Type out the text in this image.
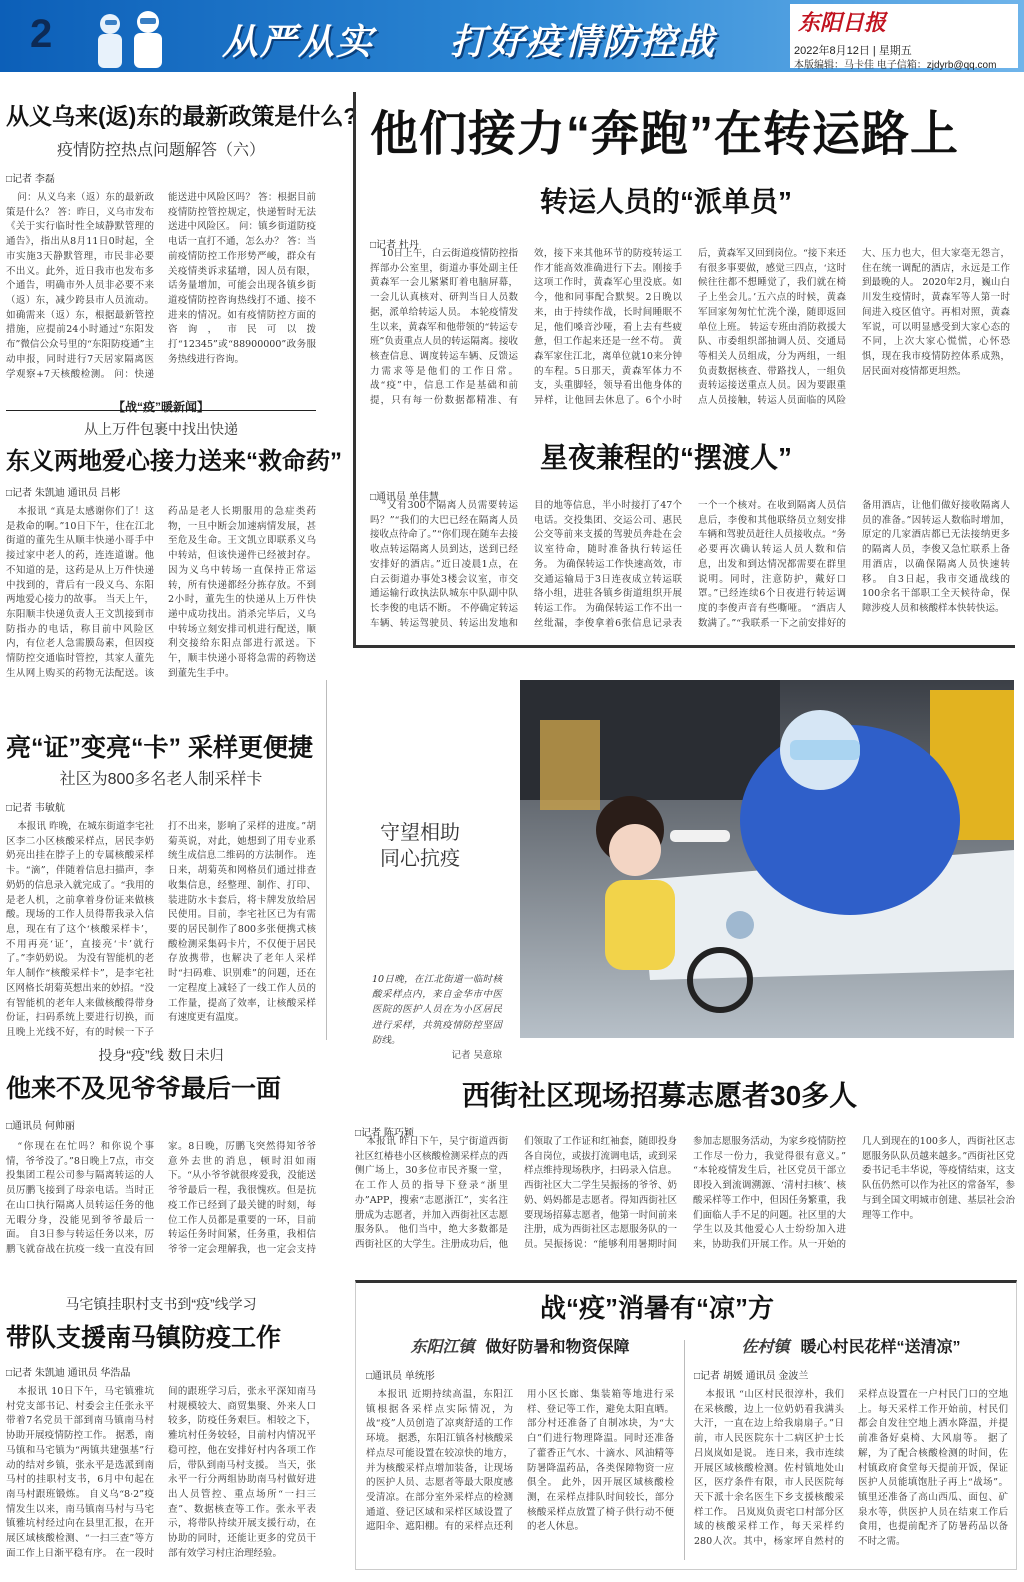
2	从严从实 打好疫情防控战	东阳日报
2022年8月12日 | 星期五
本版编辑：马卡佳 电子信箱：zjdyrb@qq.com
从义乌来(返)东的最新政策是什么?
疫情防控热点问题解答（六）
□记者 李磊
问：从义乌来（返）东的最新政策是什么？ 答：昨日，义乌市发布《关于实行临时性全域静默管理的通告》，指出从8月11日0时起，全市实施3天静默管理，市民非必要不出义。此外，近日我市也发布多个通告，明确市外人员非必要不来（返）东，减少跨县市人员流动。如确需来（返）东，根据最新管控措施，应提前24小时通过“东阳发布”微信公众号里的“东阳防疫通”主动申报，同时进行7天居家隔离医学观察+7天核酸检测。 问：快递能送进中风险区吗？ 答：根据目前疫情防控管控规定，快递暂时无法送进中风险区。 问：镇乡街道防疫电话一直打不通，怎么办？ 答：当前疫情防控工作形势严峻，群众有关疫情类诉求猛增，因人员有限，话务量增加，可能会出现各镇乡街道疫情防控咨询热线打不通、接不进来的情况。如有疫情防控方面的咨询，市民可以拨打“12345”或“88900000”政务服务热线进行咨询。
【战“疫”暖新闻】
从上万件包裹中找出快递
东义两地爱心接力送来“救命药”
□记者 朱凯迪 通讯员 吕彬
本报讯 “真是太感谢你们了！这是救命的啊。”10日下午，住在江北街道的董先生从顺丰快递小哥手中接过家中老人的药，连连道谢。他不知道的是，这药是从上万件快递中找到的，背后有一段义乌、东阳两地爱心接力的故事。 当天上午，东阳顺丰快递负责人王文凯接到市防指办的电话，称目前中风险区内，有位老人急需膜岛素，但因疫情防控交通临时管控，其家人董先生从网上购买的药物无法配送。该药品是老人长期服用的急症类药物，一旦中断会加速病情发展，甚至危及生命。王文凯立即联系义乌中转站，但该快递件已经被封存。因为义乌中转场一直保持正常运转，所有快递都经分拣存放。不到2小时，董先生的快递从上万件快递中成功找出。消杀完毕后，义乌中转场立刻安排司机进行配送，顺利交接给东阳点部进行派送。下午，顺丰快递小哥将急需的药物送到董先生手中。
亮“证”变亮“卡” 采样更便捷
社区为800多名老人制采样卡
□记者 韦敏航
本报讯 昨晚，在城东街道李宅社区李二小区核酸采样点，居民李奶奶亮出挂在脖子上的专属核酸采样卡。“滴”，伴随着信息扫描声，李奶奶的信息录入就完成了。“我用的是老人机，之前拿着身份证来做核酸。现场的工作人员得帮我录入信息，现在有了这个‘核酸采样卡’，不用再亮‘证’，直接亮‘卡’就行了。”李奶奶说。 为没有智能机的老年人制作“核酸采样卡”，是李宅社区网格长胡菊英想出来的妙招。“没有智能机的老年人来做核酸得带身份证，扫码系统上要进行切换，而且晚上光线不好，有的时候一下子打不出来，影响了采样的进度。”胡菊英说，对此，她想到了用专业系统生成信息二维码的方法制作。 连日来，胡菊英和网格员们通过排查收集信息，经整理、制作、打印、装进防水卡套后，将卡牌发放给居民使用。目前，李宅社区已为有需要的居民制作了800多张便携式核酸检测采集码卡片，不仅便于居民存放携带，也解决了老年人采样时“扫码难、识别难”的问题，还在一定程度上减轻了一线工作人员的工作量，提高了效率，让核酸采样有速度更有温度。
投身“疫”线 数日未归
他来不及见爷爷最后一面
□通讯员 何帅丽
“你现在在忙吗？和你说个事情，爷爷没了。”8日晚上7点，市交投集团工程公司参与隔离转运的人员厉鹏飞接到了母亲电话。当时正在山口执行隔离人员转运任务的他无暇分身，没能见到爷爷最后一面。 自3日参与转运任务以来，厉鹏飞就奋战在抗疫一线一直没有回家。8日晚，厉鹏飞突然得知爷爷意外去世的消息，顿时泪如雨下。“从小爷爷就很疼爱我，没能送爷爷最后一程，我很愧疚。但是抗疫工作已经到了最关键的时刻，每位工作人员都是重要的一环，目前转运任务时间紧，任务重，我相信爷爷一定会理解我，也一定会支持
马宅镇挂职村支书到“疫”线学习
带队支援南马镇防疫工作
□记者 朱凯迪 通讯员 华浩晶
本报讯 10日下午，马宅镇雅坑村党支部书记、村委会主任张永平带着7名党员干部到南马镇南马村协助开展疫情防控工作。 据悉，南马镇和马宅镇为“两镇共建强基”行动的结对乡镇，张永平是选派到南马村的挂职村支书，6月中旬起在南马村跟班锻炼。 自义乌“8·2”疫情发生以来，南马镇南马村与马宅镇雅坑村经过向在县里汇报，在开展区域核酸检测、“一扫三查”等方面工作上日渐平稳有序。 在一段时间的跟班学习后，张永平深知南马村规模较大、商贸集聚、外来人口较多，防疫任务艰巨。相较之下，雅坑村任务较轻，目前村内情况平稳可控，他在安排好村内各项工作后，带队到南马村支援。 当天，张永平一行分两组协助南马村做好进出人员管控、重点场所“一扫三查”、数据核查等工作。张永平表示，将带队持续开展支援行动，在协助的同时，还能让更多的党员干部有效学习村庄治理经验。
他们接力“奔跑”在转运路上
转运人员的“派单员”
□记者 杜丹
10日上午，白云街道疫情防控指挥部办公室里，街道办事处副主任黄森军一会儿紧紧盯着电脑屏幕，一会儿认真核对、研判当日人员数据，派单给转运人员。 本轮疫情发生以来，黄森军和他带领的“转运专班”负责重点人员的转运隔离。接收核查信息、调度转运车辆、反馈运力需求等是他们的工作日常。 战“疫”中，信息工作是基础和前提，只有每一份数据都精准、有效，接下来其他环节的防疫转运工作才能高效准确进行下去。刚接手这项工作时，黄森军心里没底。如今，他和同事配合默契。2日晚以来，由于持续作战，长时间睡眠不足，他们嗓音沙哑，看上去有些疲惫，但工作起来还是一丝不苟。 黄森军家住江北，离单位就10来分钟的车程。5日那天，黄森军体力不支，头重脚轻，领导看出他身体的异样，让他回去休息了。6个小时后，黄森军又回到岗位。“接下来还有很多事要做，感觉三四点，‘这时候往往都不想睡觉了，我们就在椅子上坐会儿。’五六点的时候，黄森军回家匆匆忙忙洗个澡，随即返回单位上班。 转运专班由消防救援大队、市委组织部抽调人员、交通局等相关人员组成，分为两组，一组负责数据核查、带路找人，一组负责转运接送重点人员。因为要跟重点人员接触，转运人员面临的风险大、压力也大，但大家毫无怨言，住在统一调配的酒店，永远是工作到最晚的人。 2020年2月，巍山白川发生疫情时，黄森军等人第一时间进入疫区值守。再相对照，黄森军说，可以明显感受到大家心态的不同，上次大家心慌慌，心怀恐惧，现在我市疫情防控体系成熟，居民面对疫情都更坦然。
星夜兼程的“摆渡人”
□通讯员 单佳慧
“又有300个隔离人员需要转运吗？”“我们的大巴已经在隔离人员接收点待命了。”“你们现在随车去接收点转运隔离人员到达，送到已经安排好的酒店。”近日凌晨1点，在白云街道办事处3楼会议室，市交通运输行政执法队城东中队副中队长李俊的电话不断。 不停确定转运车辆、转运驾驶员、转运出发地和目的地等信息，半小时接打了47个电话。交投集团、交运公司、惠民公交等前来支援的驾驶员奔赴在会议室待命，随时准备执行转运任务。 为确保转运工作快速高效，市交通运输局于3日连夜成立转运联络小组，进驻各镇乡街道组织开展转运工作。 为确保转运工作不出一丝纰漏，李俊拿着6张信息记录表一个一个核对。在收到隔离人员信息后，李俊和其他联络员立刻安排车辆和驾驶员赶往人员接收点。“务必要再次确认转运人员人数和信息，出发和到达情况都需要在群里说明。同时，注意防护，戴好口罩。”已经连续6个日夜进行转运调度的李俊声音有些嘶哑。 “酒店人数满了。”“我联系一下之前安排好的备用酒店，让他们做好接收隔离人员的准备。”因转运人数临时增加，原定的几家酒店都已无法接纳更多的隔离人员，李俊又急忙联系上备用酒店，以确保隔离人员快速转移。 自3日起，我市交通战线的100余名干部职工全天候待命，保障涉疫人员和核酸样本快转快运。
守望相助
同心抗疫
10日晚，在江北街道一临时核酸采样点内，来自金华市中医医院的医护人员在为小区居民进行采样，共筑疫情防控坚固防线。
记者 吴意琼
西街社区现场招募志愿者30多人
□记者 陈巧颖
本报讯 昨日下午，吴宁街道西街社区红椿巷小区核酸检测采样点的西侧广场上，30多位市民齐聚一堂，在工作人员的指导下登录“浙里办”APP，搜索“志愿浙江”，实名注册成为志愿者，并加入西街社区志愿服务队。 他们当中，绝大多数都是西街社区的大学生。注册成功后，他们领取了工作证和红袖套，随即投身各自岗位，或拔打流调电话，或到采样点维持现场秩序，扫码录入信息。 西街社区大二学生吴振扬的爷爷、奶奶、妈妈都是志愿者。得知西街社区要现场招募志愿者，他第一时间前来注册，成为西街社区志愿服务队的一员。吴振扬说：“能够利用暑期时间参加志愿服务活动，为家乡疫情防控工作尽一份力，我觉得很有意义。” “本轮疫情发生后，社区党员干部立即投入到流调溯源、‘清村扫核’、核酸采样等工作中，但因任务繁重，我们面临人手不足的问题。社区里的大学生以及其他爱心人士纷纷加入进来，协助我们开展工作。从一开始的几人到现在的100多人，西街社区志愿服务队队员越来越多。”西街社区党委书记毛丰华说，等疫情结束，这支队伍仍然可以作为社区的常备军，参与到全国文明城市创建、基层社会治理等工作中。
战“疫”消暑有“凉”方
东阳江镇 做好防暑和物资保障
□通讯员 单统彤
本报讯 近期持续高温，东阳江镇根据各采样点实际情况，为战“疫”人员创造了凉爽舒适的工作环境。 据悉，东阳江镇各村核酸采样点尽可能设置在较凉快的地方，并为核酸采样点增加装备，让现场的医护人员、志愿者等最大限度感受清凉。在部分室外采样点的检测通道、登记区域和采样区域设置了遮阳伞、遮阳棚。有的采样点还利用小区长廊、集装箱等地进行采样、登记等工作，避免太阳直晒。部分村还准备了自制冰块，为“大白”们进行物理降温。同时还准备了藿香正气水、十滴水、风油精等防暑降温药品，各类保障物资一应俱全。 此外，因开展区域核酸检测，在采样点排队时间较长，部分核酸采样点放置了椅子供行动不便的老人休息。
佐村镇 暖心村民花样“送清凉”
□记者 胡媛 通讯员 金波兰
本报讯 “山区村民很淳朴，我们在采核酸，边上一位奶奶看我满头大汗，一直在边上给我扇扇子。”日前，市人民医院东十二病区护士长吕岚岚如是说。 连日来，我市连续开展区域核酸检测。佐村镇地处山区，医疗条件有限，市人民医院每天下派十余名医生下乡支援核酸采样工作。 吕岚岚负责宅口村部分区域的核酸采样工作，每天采样约280人次。其中，杨家坪自然村的采样点设置在一户村民门口的空地上。每天采样工作开始前，村民们都会自发往空地上洒水降温，并提前准备好桌椅、大风扇等。 据了解，为了配合核酸检测的时间，佐村镇政府食堂每天提前开饭，保证医护人员能填饱肚子再上“战场”。镇里还准备了高山西瓜、面包、矿泉水等，供医护人员在结束工作后食用，也提前配齐了防暑药品以备不时之需。
